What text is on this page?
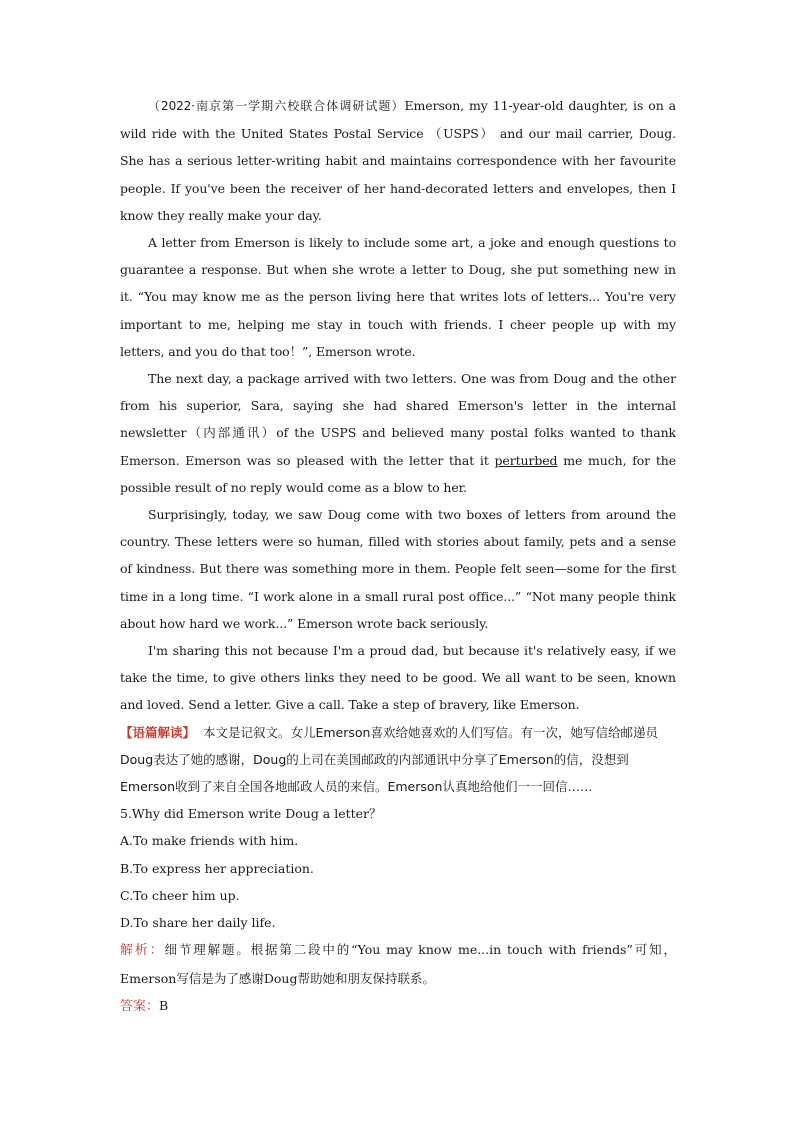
（2022·南京第一学期六校联合体调研试题）Emerson, my 11-year-old daughter, is on a wild ride with the United States Postal Service （USPS） and our mail carrier, Doug. She has a serious letter-writing habit and maintains correspondence with her favourite people. If you've been the receiver of her hand-decorated letters and envelopes, then I know they really make your day.

A letter from Emerson is likely to include some art, a joke and enough questions to guarantee a response. But when she wrote a letter to Doug, she put something new in it. “You may know me as the person living here that writes lots of letters... You're very important to me, helping me stay in touch with friends. I cheer people up with my letters, and you do that too！”, Emerson wrote.

The next day, a package arrived with two letters. One was from Doug and the other from his superior, Sara, saying she had shared Emerson's letter in the internal newsletter（内部通讯）of the USPS and believed many postal folks wanted to thank Emerson. Emerson was so pleased with the letter that it perturbed me much, for the possible result of no reply would come as a blow to her.

Surprisingly, today, we saw Doug come with two boxes of letters from around the country. These letters were so human, filled with stories about family, pets and a sense of kindness. But there was something more in them. People felt seen—some for the first time in a long time. “I work alone in a small rural post office...” “Not many people think about how hard we work...” Emerson wrote back seriously.

I'm sharing this not because I'm a proud dad, but because it's relatively easy, if we take the time, to give others links they need to be good. We all want to be seen, known and loved. Send a letter. Give a call. Take a step of bravery, like Emerson.

【语篇解读】 本文是记叙文。女儿Emerson喜欢给她喜欢的人们写信。有一次，她写信给邮递员Doug表达了她的感谢，Doug的上司在美国邮政的内部通讯中分享了Emerson的信，没想到Emerson收到了来自全国各地邮政人员的来信。Emerson认真地给他们一一回信……

5.Why did Emerson write Doug a letter？

A.To make friends with him.

B.To express her appreciation.

C.To cheer him up.

D.To share her daily life.

解析：细节理解题。根据第二段中的“You may know me...in touch with friends”可知，Emerson写信是为了感谢Doug帮助她和朋友保持联系。

答案：B
